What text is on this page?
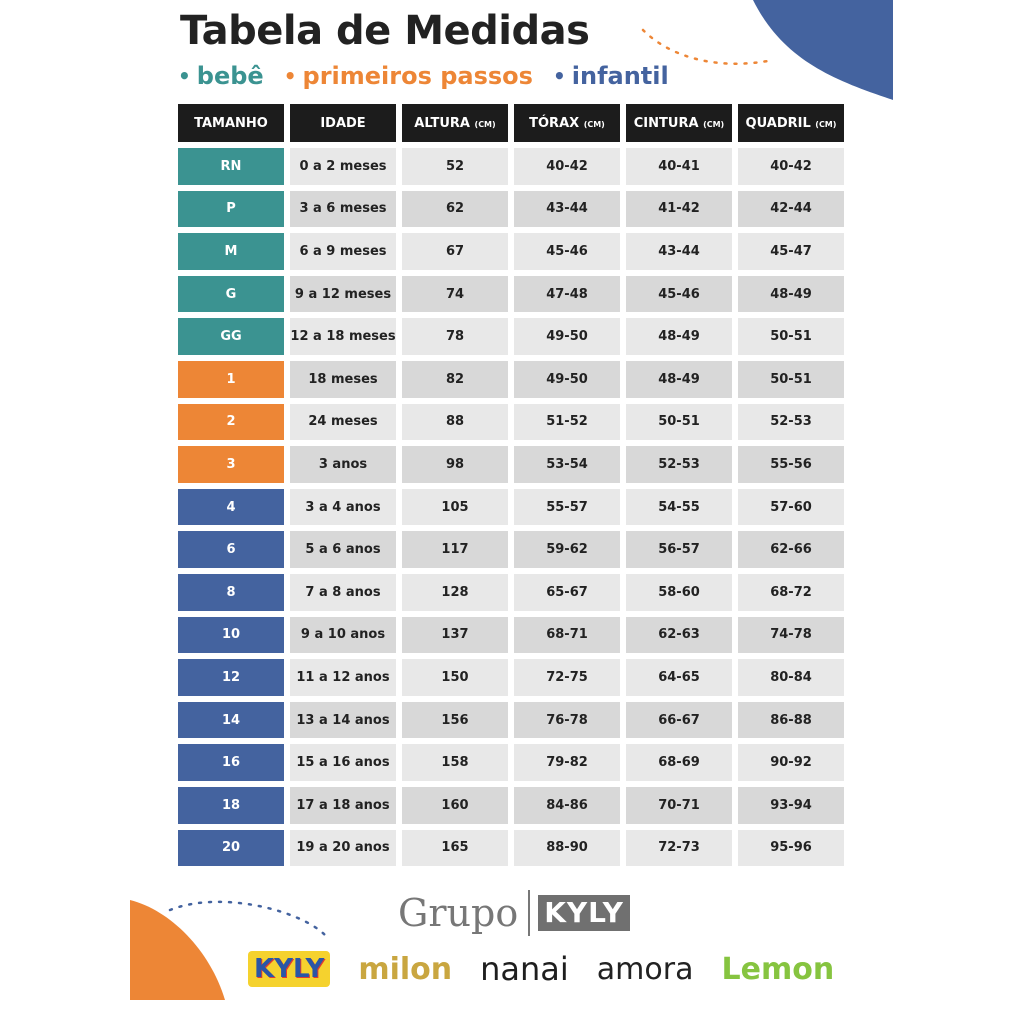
Tabela de Medidas
• bebê • primeiros passos • infantil
TAMANHO	IDADE	ALTURA (CM)	TÓRAX (CM)	CINTURA (CM)	QUADRIL (CM)
RN	0 a 2 meses	52	40-42	40-41	40-42
P	3 a 6 meses	62	43-44	41-42	42-44
M	6 a 9 meses	67	45-46	43-44	45-47
G	9 a 12 meses	74	47-48	45-46	48-49
GG	12 a 18 meses	78	49-50	48-49	50-51
1	18 meses	82	49-50	48-49	50-51
2	24 meses	88	51-52	50-51	52-53
3	3 anos	98	53-54	52-53	55-56
4	3 a 4 anos	105	55-57	54-55	57-60
6	5 a 6 anos	117	59-62	56-57	62-66
8	7 a 8 anos	128	65-67	58-60	68-72
10	9 a 10 anos	137	68-71	62-63	74-78
12	11 a 12 anos	150	72-75	64-65	80-84
14	13 a 14 anos	156	76-78	66-67	86-88
16	15 a 16 anos	158	79-82	68-69	90-92
18	17 a 18 anos	160	84-86	70-71	93-94
20	19 a 20 anos	165	88-90	72-73	95-96
Grupo KYLY
KYLY milon nanai amora Lemon
